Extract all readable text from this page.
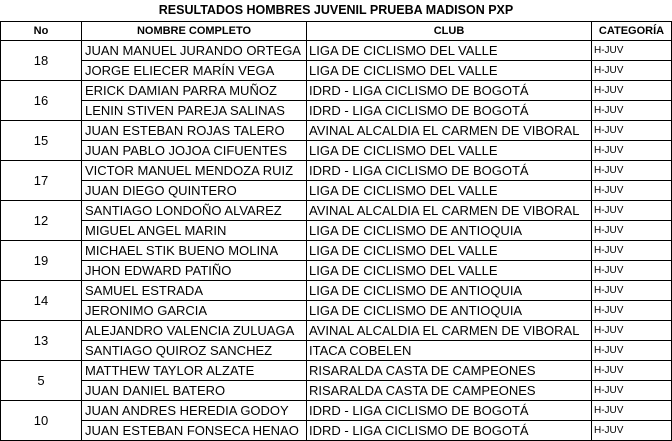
RESULTADOS HOMBRES JUVENIL PRUEBA MADISON PXP
No	NOMBRE COMPLETO	CLUB	CATEGORÍA
18	JUAN MANUEL JURANDO ORTEGA	LIGA DE CICLISMO DEL VALLE	H-JUV
	JORGE ELIECER MARÍN VEGA	LIGA DE CICLISMO DEL VALLE	H-JUV
16	ERICK DAMIAN PARRA MUÑOZ	IDRD - LIGA CICLISMO DE BOGOTÁ	H-JUV
	LENIN STIVEN PAREJA SALINAS	IDRD - LIGA CICLISMO DE BOGOTÁ	H-JUV
15	JUAN ESTEBAN ROJAS TALERO	AVINAL ALCALDIA EL CARMEN DE VIBORAL	H-JUV
	JUAN PABLO JOJOA CIFUENTES	LIGA DE CICLISMO DEL VALLE	H-JUV
17	VICTOR MANUEL MENDOZA RUIZ	IDRD - LIGA CICLISMO DE BOGOTÁ	H-JUV
	JUAN DIEGO QUINTERO	LIGA DE CICLISMO DEL VALLE	H-JUV
12	SANTIAGO LONDOÑO ALVAREZ	AVINAL ALCALDIA EL CARMEN DE VIBORAL	H-JUV
	MIGUEL ANGEL MARIN	LIGA DE CICLISMO DE ANTIOQUIA	H-JUV
19	MICHAEL STIK BUENO MOLINA	LIGA DE CICLISMO DEL VALLE	H-JUV
	JHON EDWARD PATIÑO	LIGA DE CICLISMO DEL VALLE	H-JUV
14	SAMUEL ESTRADA	LIGA DE CICLISMO DE ANTIOQUIA	H-JUV
	JERONIMO GARCIA	LIGA DE CICLISMO DE ANTIOQUIA	H-JUV
13	ALEJANDRO VALENCIA ZULUAGA	AVINAL ALCALDIA EL CARMEN DE VIBORAL	H-JUV
	SANTIAGO QUIROZ SANCHEZ	ITACA COBELEN	H-JUV
5	MATTHEW TAYLOR ALZATE	RISARALDA CASTA DE CAMPEONES	H-JUV
	JUAN DANIEL BATERO	RISARALDA CASTA DE CAMPEONES	H-JUV
10	JUAN ANDRES HEREDIA GODOY	IDRD - LIGA CICLISMO DE BOGOTÁ	H-JUV
	JUAN ESTEBAN FONSECA HENAO	IDRD - LIGA CICLISMO DE BOGOTÁ	H-JUV
